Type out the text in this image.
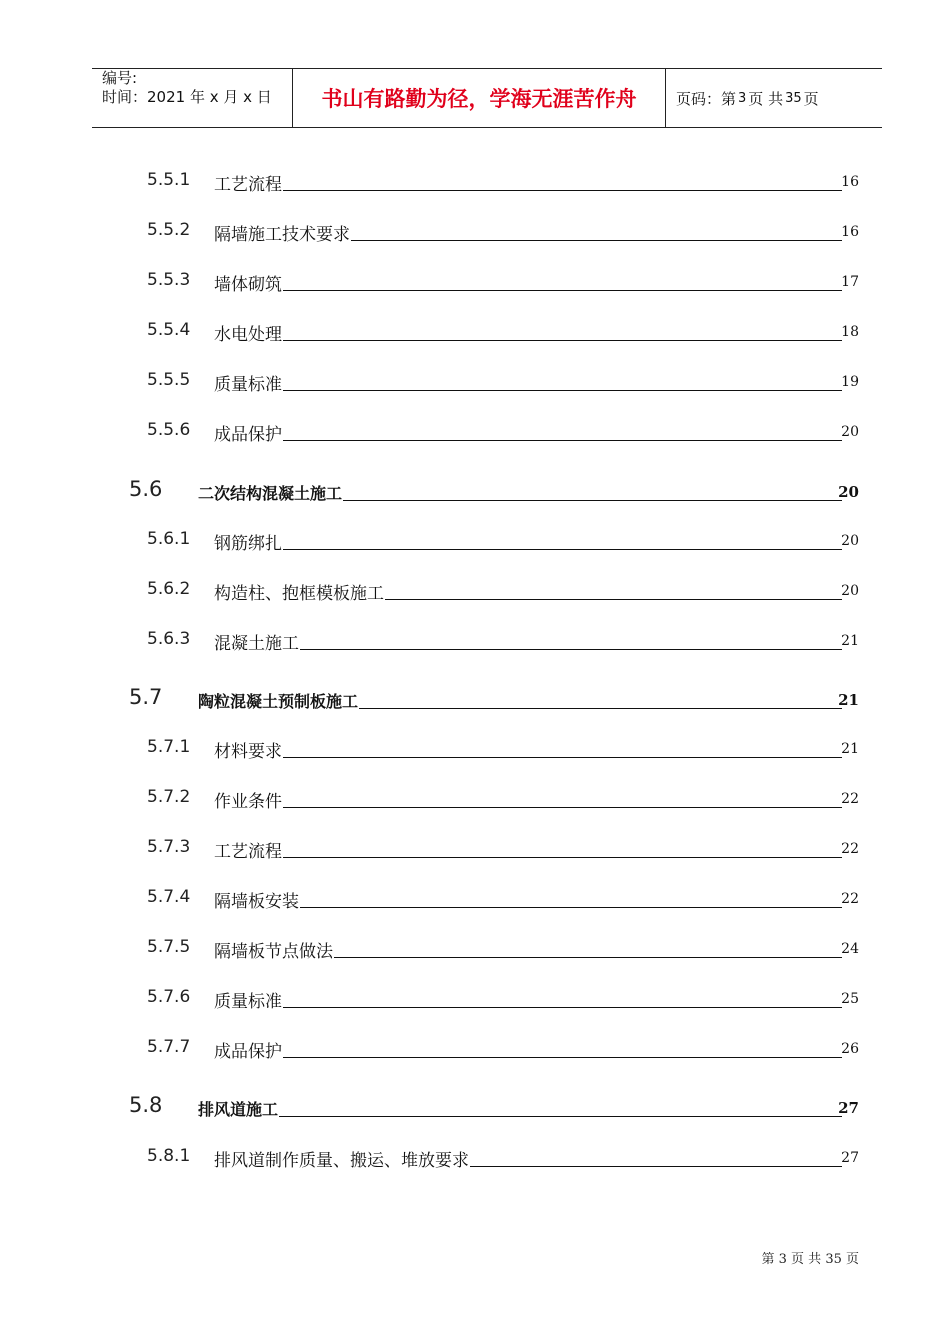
编号:
时间：2021 年 x 月 x 日	书山有路勤为径，学海无涯苦作舟	页码：第 3 页 共 35 页
5.5.1 工艺流程	16
5.5.2 隔墙施工技术要求	16
5.5.3 墙体砌筑	17
5.5.4 水电处理	18
5.5.5 质量标准	19
5.5.6 成品保护	20
5.6 二次结构混凝土施工	20
5.6.1 钢筋绑扎	20
5.6.2 构造柱、抱框模板施工	20
5.6.3 混凝土施工	21
5.7 陶粒混凝土预制板施工	21
5.7.1 材料要求	21
5.7.2 作业条件	22
5.7.3 工艺流程	22
5.7.4 隔墙板安装	22
5.7.5 隔墙板节点做法	24
5.7.6 质量标准	25
5.7.7 成品保护	26
5.8 排风道施工	27
5.8.1 排风道制作质量、搬运、堆放要求	27
第 3 页 共 35 页
